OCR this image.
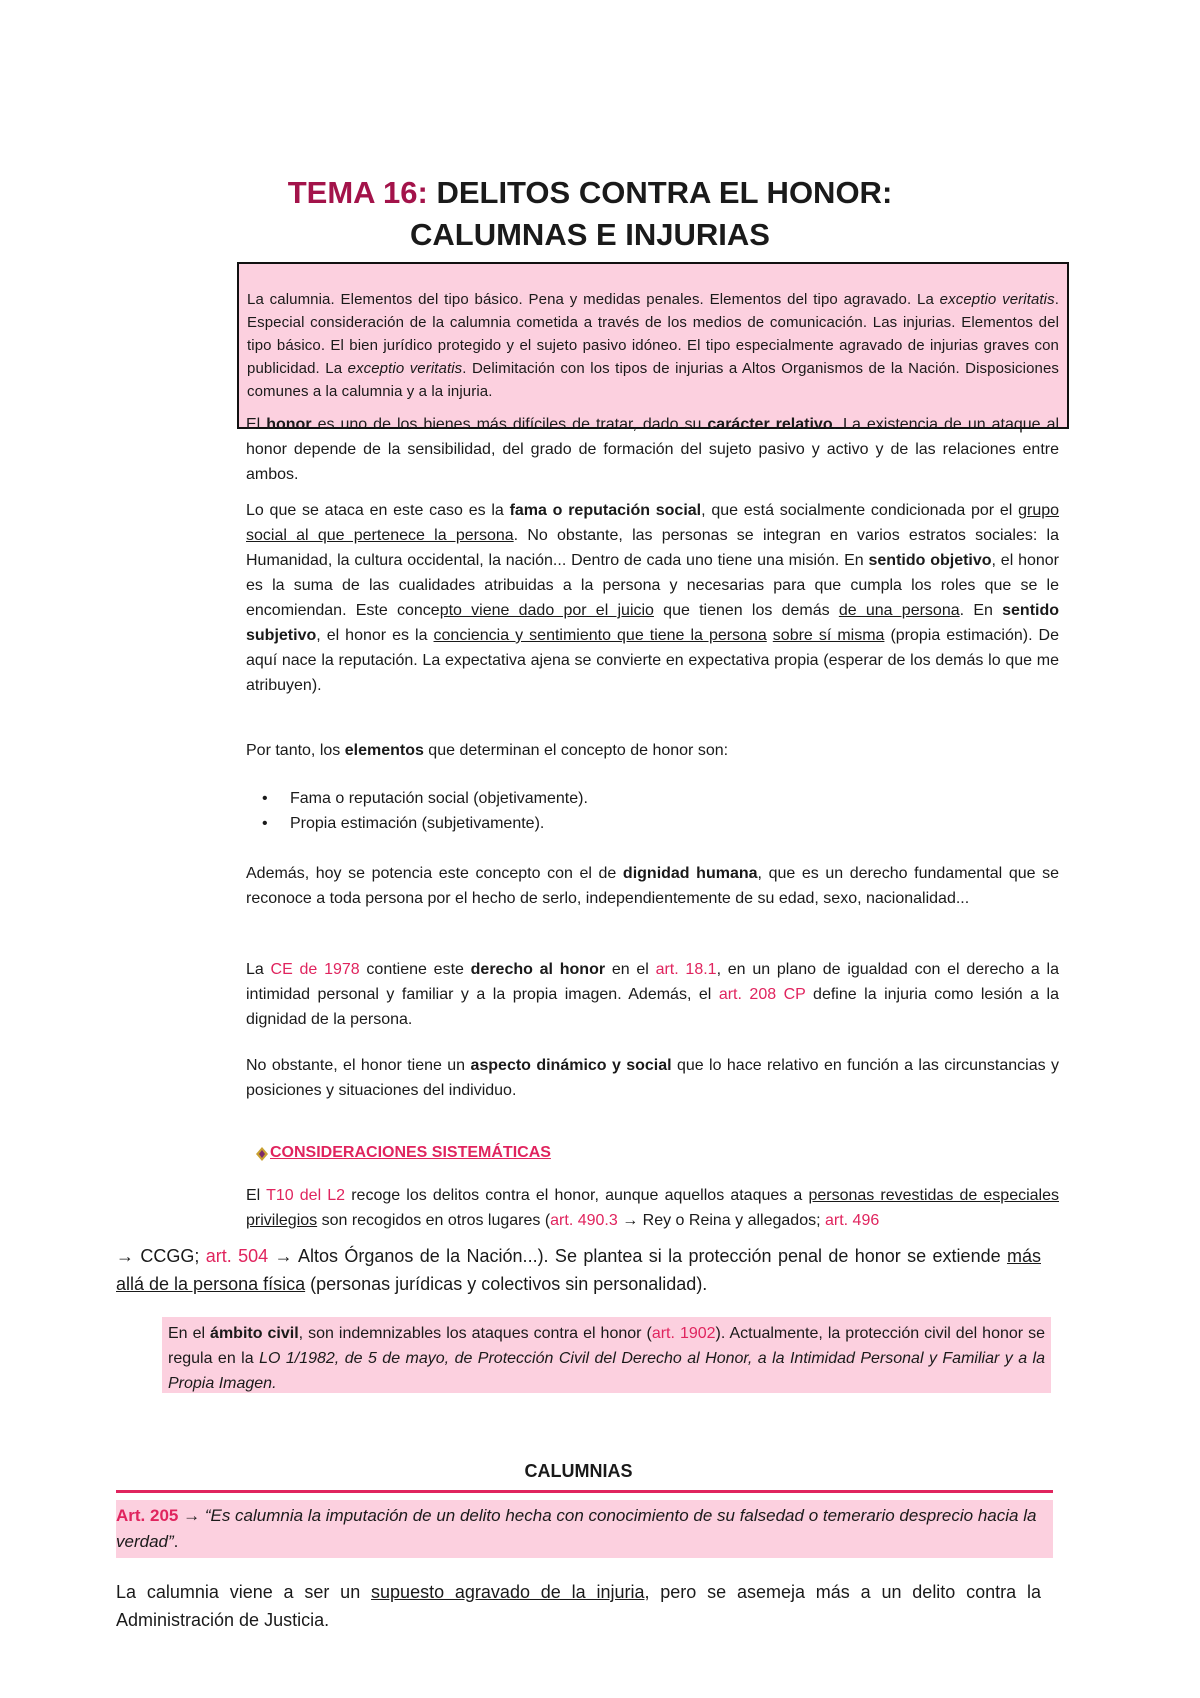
TEMA 16: DELITOS CONTRA EL HONOR:
CALUMNAS E INJURIAS
La calumnia. Elementos del tipo básico. Pena y medidas penales. Elementos del tipo agravado. La exceptio veritatis. Especial consideración de la calumnia cometida a través de los medios de comunicación. Las injurias. Elementos del tipo básico. El bien jurídico protegido y el sujeto pasivo idóneo. El tipo especialmente agravado de injurias graves con publicidad. La exceptio veritatis. Delimitación con los tipos de injurias a Altos Organismos de la Nación. Disposiciones comunes a la calumnia y a la injuria.

El honor es uno de los bienes más difíciles de tratar, dado su carácter relativo. La existencia de un ataque al honor depende de la sensibilidad, del grado de formación del sujeto pasivo y activo y de las relaciones entre ambos.

Lo que se ataca en este caso es la fama o reputación social, que está socialmente condicionada por el grupo social al que pertenece la persona. No obstante, las personas se integran en varios estratos sociales: la Humanidad, la cultura occidental, la nación... Dentro de cada uno tiene una misión. En sentido objetivo, el honor es la suma de las cualidades atribuidas a la persona y necesarias para que cumpla los roles que se le encomiendan. Este concepto viene dado por el juicio que tienen los demás de una persona. En sentido subjetivo, el honor es la conciencia y sentimiento que tiene la persona sobre sí misma (propia estimación). De aquí nace la reputación. La expectativa ajena se convierte en expectativa propia (esperar de los demás lo que me atribuyen).

Por tanto, los elementos que determinan el concepto de honor son:

• Fama o reputación social (objetivamente).
• Propia estimación (subjetivamente).

Además, hoy se potencia este concepto con el de dignidad humana, que es un derecho fundamental que se reconoce a toda persona por el hecho de serlo, independientemente de su edad, sexo, nacionalidad...

La CE de 1978 contiene este derecho al honor en el art. 18.1, en un plano de igualdad con el derecho a la intimidad personal y familiar y a la propia imagen. Además, el art. 208 CP define la injuria como lesión a la dignidad de la persona.

No obstante, el honor tiene un aspecto dinámico y social que lo hace relativo en función a las circunstancias y posiciones y situaciones del individuo.

CONSIDERACIONES SISTEMÁTICAS

El T10 del L2 recoge los delitos contra el honor, aunque aquellos ataques a personas revestidas de especiales privilegios son recogidos en otros lugares (art. 490.3 → Rey o Reina y allegados; art. 496

→ CCGG; art. 504 → Altos Órganos de la Nación...). Se plantea si la protección penal de honor se extiende más allá de la persona física (personas jurídicas y colectivos sin personalidad).

En el ámbito civil, son indemnizables los ataques contra el honor (art. 1902). Actualmente, la protección civil del honor se regula en la LO 1/1982, de 5 de mayo, de Protección Civil del Derecho al Honor, a la Intimidad Personal y Familiar y a la Propia Imagen.
CALUMNIAS
Art. 205 → “Es calumnia la imputación de un delito hecha con conocimiento de su falsedad o temerario desprecio hacia la verdad”.

La calumnia viene a ser un supuesto agravado de la injuria, pero se asemeja más a un delito contra la Administración de Justicia.
